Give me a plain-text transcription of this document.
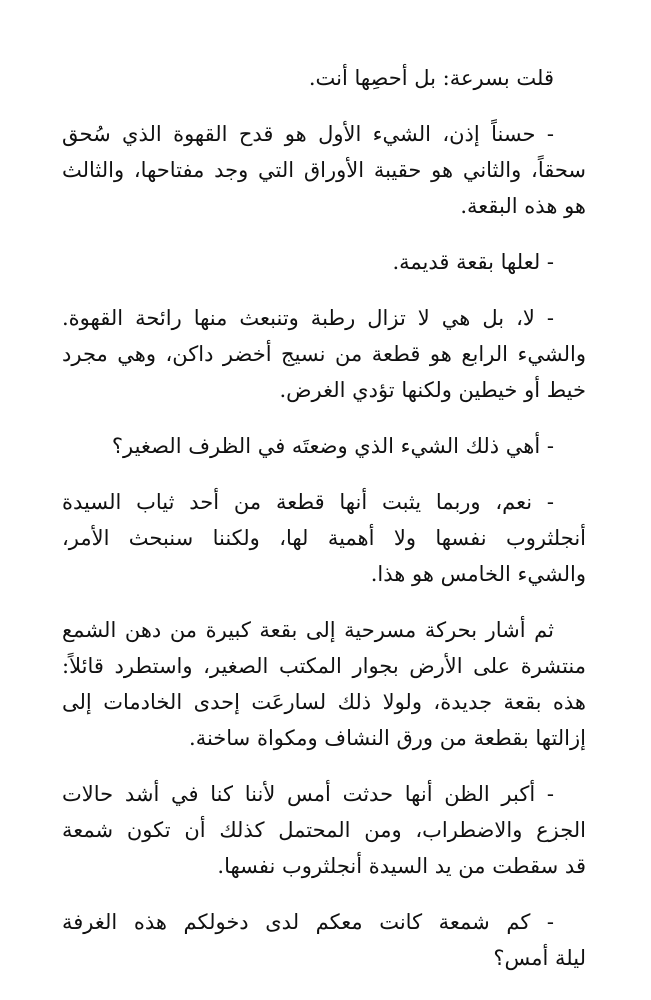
قلت بسرعة: بل أحصِها أنت.

- حسناً إذن، الشيء الأول هو قدح القهوة الذي سُحق
سحقاً، والثاني هو حقيبة الأوراق التي وجد مفتاحها، والثالث
هو هذه البقعة.

- لعلها بقعة قديمة.

- لا، بل هي لا تزال رطبة وتنبعث منها رائحة القهوة.
والشيء الرابع هو قطعة من نسيج أخضر داكن، وهي مجرد
خيط أو خيطين ولكنها تؤدي الغرض.

- أهي ذلك الشيء الذي وضعتَه في الظرف الصغير؟

- نعم، وربما يثبت أنها قطعة من أحد ثياب السيدة
أنجلثروب نفسها ولا أهمية لها، ولكننا سنبحث الأمر،
والشيء الخامس هو هذا.

ثم أشار بحركة مسرحية إلى بقعة كبيرة من دهن الشمع
منتشرة على الأرض بجوار المكتب الصغير، واستطرد قائلاً:
هذه بقعة جديدة، ولولا ذلك لسارعَت إحدى الخادمات إلى
إزالتها بقطعة من ورق النشاف ومكواة ساخنة.

- أكبر الظن أنها حدثت أمس لأننا كنا في أشد حالات
الجزع والاضطراب، ومن المحتمل كذلك أن تكون شمعة
قد سقطت من يد السيدة أنجلثروب نفسها.

- كم شمعة كانت معكم لدى دخولكم هذه الغرفة
ليلة أمس؟
